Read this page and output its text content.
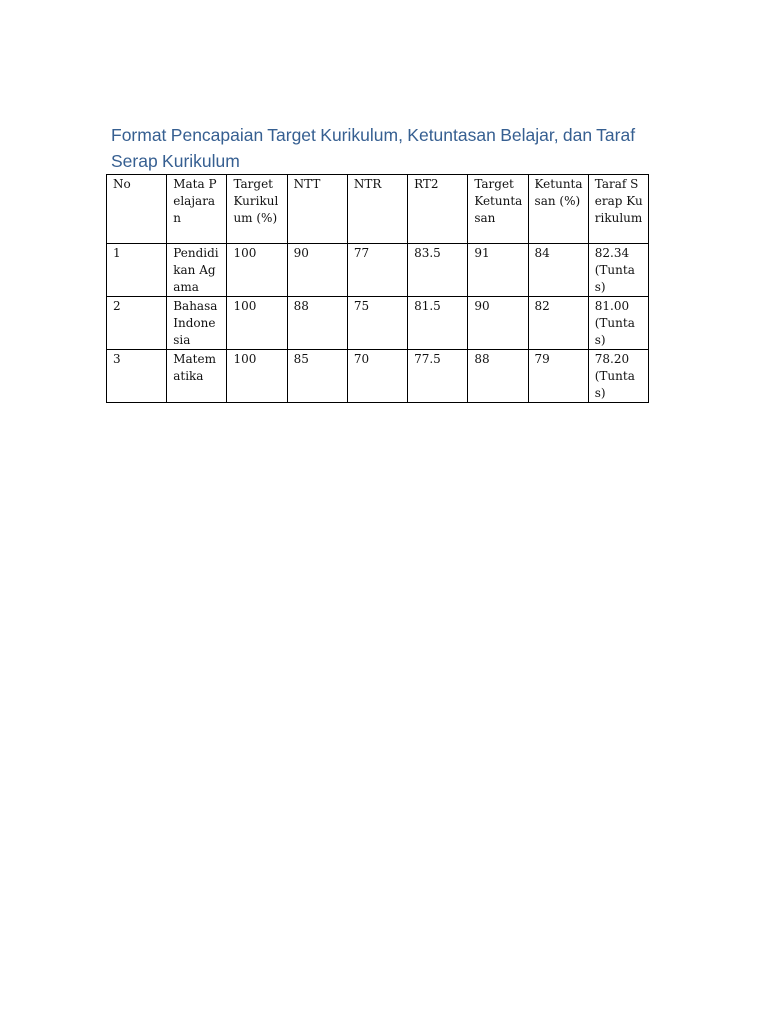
Format Pencapaian Target Kurikulum, Ketuntasan Belajar, dan Taraf Serap Kurikulum
No	Mata Pelajaran	Target Kurikulum (%)	NTT	NTR	RT2	Target Ketuntasan	Ketuntasan (%)	Taraf Serap Kurikulum
1	Pendidikan Agama	100	90	77	83.5	91	84	82.34 (Tuntas)
2	Bahasa Indonesia	100	88	75	81.5	90	82	81.00 (Tuntas)
3	Matematika	100	85	70	77.5	88	79	78.20 (Tuntas)
